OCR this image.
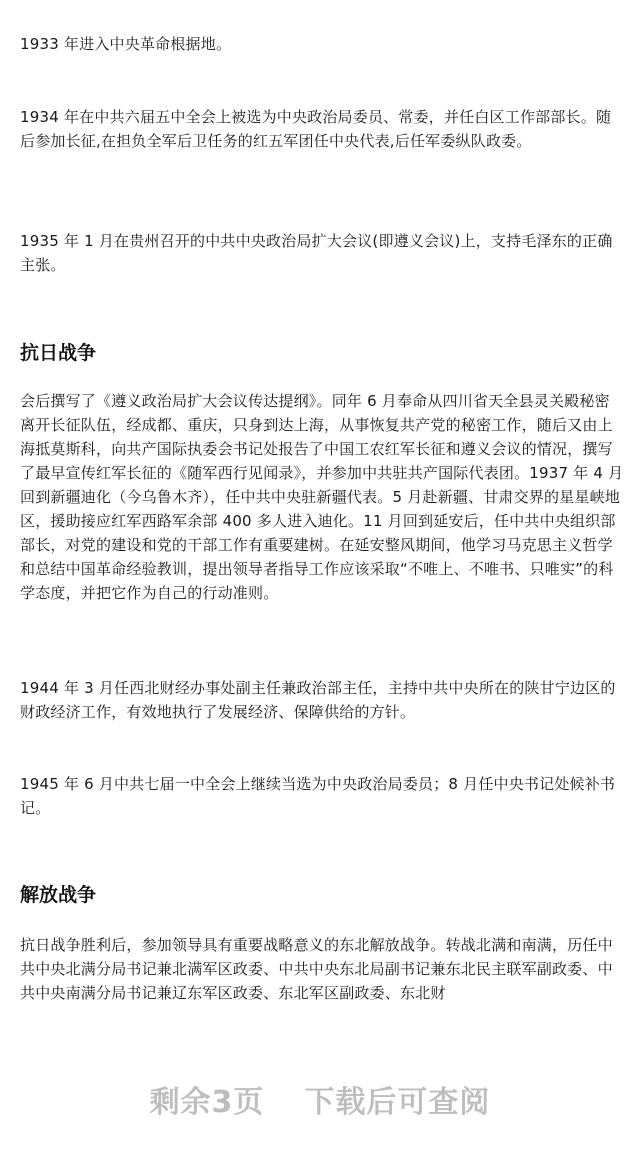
1933 年进入中央革命根据地。

1934 年在中共六届五中全会上被选为中央政治局委员、常委，并任白区工作部部长。随后参加长征,在担负全军后卫任务的红五军团任中央代表,后任军委纵队政委。

1935 年 1 月在贵州召开的中共中央政治局扩大会议(即遵义会议)上，支持毛泽东的正确主张。

抗日战争

会后撰写了《遵义政治局扩大会议传达提纲》。同年 6 月奉命从四川省天全县灵关殿秘密离开长征队伍，经成都、重庆，只身到达上海，从事恢复共产党的秘密工作，随后又由上海抵莫斯科，向共产国际执委会书记处报告了中国工农红军长征和遵义会议的情况，撰写了最早宣传红军长征的《随军西行见闻录》，并参加中共驻共产国际代表团。1937 年 4 月回到新疆迪化（今乌鲁木齐），任中共中央驻新疆代表。5 月赴新疆、甘肃交界的星星峡地区，援助接应红军西路军余部 400 多人进入迪化。11 月回到延安后，任中共中央组织部部长，对党的建设和党的干部工作有重要建树。在延安整风期间，他学习马克思主义哲学和总结中国革命经验教训，提出领导者指导工作应该采取“不唯上、不唯书、只唯实”的科学态度，并把它作为自己的行动准则。

1944 年 3 月任西北财经办事处副主任兼政治部主任，主持中共中央所在的陕甘宁边区的财政经济工作，有效地执行了发展经济、保障供给的方针。

1945 年 6 月中共七届一中全会上继续当选为中央政治局委员；8 月任中央书记处候补书记。

解放战争

抗日战争胜利后，参加领导具有重要战略意义的东北解放战争。转战北满和南满，历任中共中央北满分局书记兼北满军区政委、中共中央东北局副书记兼东北民主联军副政委、中共中央南满分局书记兼辽东军区政委、东北军区副政委、东北财

剩余3页 下载后可查阅
